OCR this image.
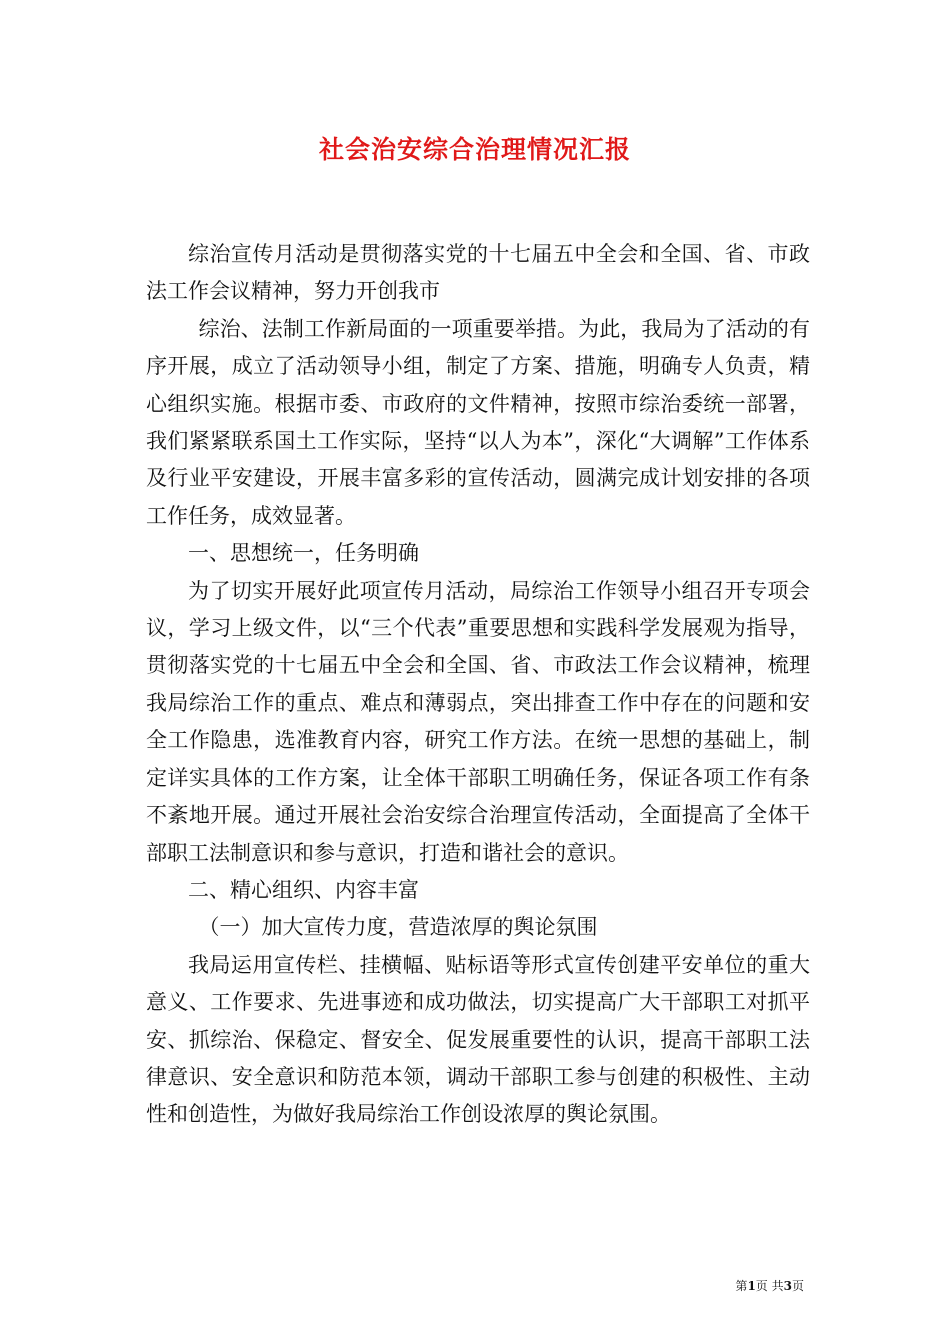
社会治安综合治理情况汇报

综治宣传月活动是贯彻落实党的十七届五中全会和全国、省、市政法工作会议精神，努力开创我市

综治、法制工作新局面的一项重要举措。为此，我局为了活动的有序开展，成立了活动领导小组，制定了方案、措施，明确专人负责，精心组织实施。根据市委、市政府的文件精神，按照市综治委统一部署，我们紧紧联系国土工作实际，坚持“以人为本”，深化“大调解”工作体系及行业平安建设，开展丰富多彩的宣传活动，圆满完成计划安排的各项工作任务，成效显著。

一、思想统一，任务明确

为了切实开展好此项宣传月活动，局综治工作领导小组召开专项会议，学习上级文件，以“三个代表”重要思想和实践科学发展观为指导，贯彻落实党的十七届五中全会和全国、省、市政法工作会议精神，梳理我局综治工作的重点、难点和薄弱点，突出排查工作中存在的问题和安全工作隐患，选准教育内容，研究工作方法。在统一思想的基础上，制定详实具体的工作方案，让全体干部职工明确任务，保证各项工作有条不紊地开展。通过开展社会治安综合治理宣传活动，全面提高了全体干部职工法制意识和参与意识，打造和谐社会的意识。

二、精心组织、内容丰富

（一）加大宣传力度，营造浓厚的舆论氛围

我局运用宣传栏、挂横幅、贴标语等形式宣传创建平安单位的重大意义、工作要求、先进事迹和成功做法，切实提高广大干部职工对抓平安、抓综治、保稳定、督安全、促发展重要性的认识，提高干部职工法律意识、安全意识和防范本领，调动干部职工参与创建的积极性、主动性和创造性，为做好我局综治工作创设浓厚的舆论氛围。

第1页 共3页
